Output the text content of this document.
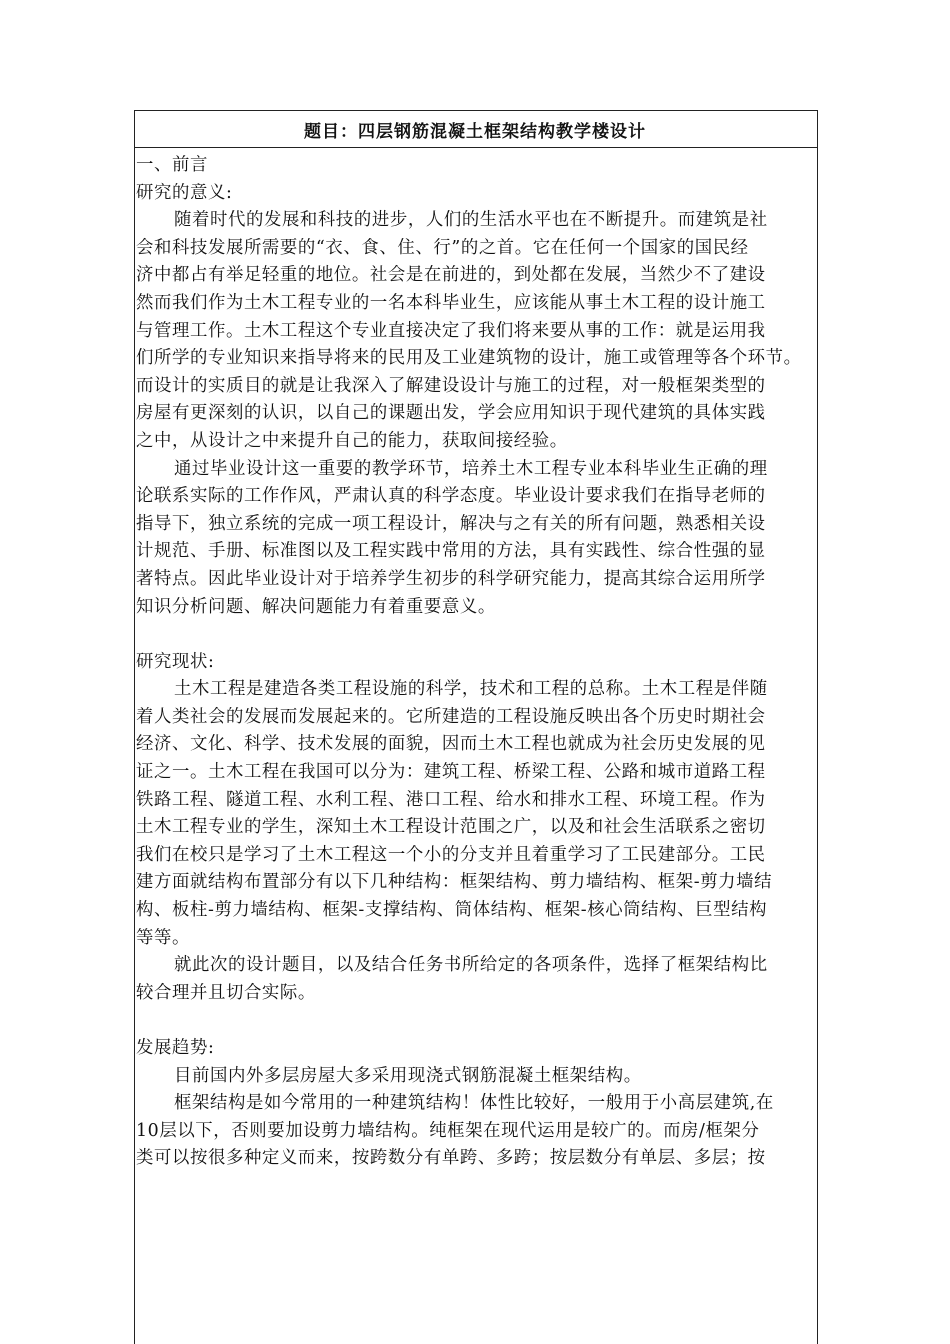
题目：四层钢筋混凝土框架结构教学楼设计
一、前言
研究的意义:
随着时代的发展和科技的进步，人们的生活水平也在不断提升。而建筑是社
会和科技发展所需要的“衣、食、住、行”的之首。它在任何一个国家的国民经
济中都占有举足轻重的地位。社会是在前进的，到处都在发展，当然少不了建设
然而我们作为土木工程专业的一名本科毕业生，应该能从事土木工程的设计施工
与管理工作。土木工程这个专业直接决定了我们将来要从事的工作：就是运用我
们所学的专业知识来指导将来的民用及工业建筑物的设计，施工或管理等各个环节。
而设计的实质目的就是让我深入了解建设设计与施工的过程，对一般框架类型的
房屋有更深刻的认识，以自己的课题出发，学会应用知识于现代建筑的具体实践
之中，从设计之中来提升自己的能力，获取间接经验。
通过毕业设计这一重要的教学环节，培养土木工程专业本科毕业生正确的理
论联系实际的工作作风，严肃认真的科学态度。毕业设计要求我们在指导老师的
指导下，独立系统的完成一项工程设计，解决与之有关的所有问题，熟悉相关设
计规范、手册、标准图以及工程实践中常用的方法，具有实践性、综合性强的显
著特点。因此毕业设计对于培养学生初步的科学研究能力，提高其综合运用所学
知识分析问题、解决问题能力有着重要意义。
研究现状:
土木工程是建造各类工程设施的科学，技术和工程的总称。土木工程是伴随
着人类社会的发展而发展起来的。它所建造的工程设施反映出各个历史时期社会
经济、文化、科学、技术发展的面貌，因而土木工程也就成为社会历史发展的见
证之一。土木工程在我国可以分为：建筑工程、桥梁工程、公路和城市道路工程
铁路工程、隧道工程、水利工程、港口工程、给水和排水工程、环境工程。作为
土木工程专业的学生，深知土木工程设计范围之广，以及和社会生活联系之密切
我们在校只是学习了土木工程这一个小的分支并且着重学习了工民建部分。工民
建方面就结构布置部分有以下几种结构：框架结构、剪力墙结构、框架-剪力墙结
构、板柱-剪力墙结构、框架-支撑结构、筒体结构、框架-核心筒结构、巨型结构
等等。
就此次的设计题目，以及结合任务书所给定的各项条件，选择了框架结构比
较合理并且切合实际。
发展趋势:
目前国内外多层房屋大多采用现浇式钢筋混凝土框架结构。
框架结构是如今常用的一种建筑结构！体性比较好，一般用于小高层建筑,在
10层以下，否则要加设剪力墙结构。纯框架在现代运用是较广的。而房/框架分
类可以按很多种定义而来，按跨数分有单跨、多跨；按层数分有单层、多层；按
